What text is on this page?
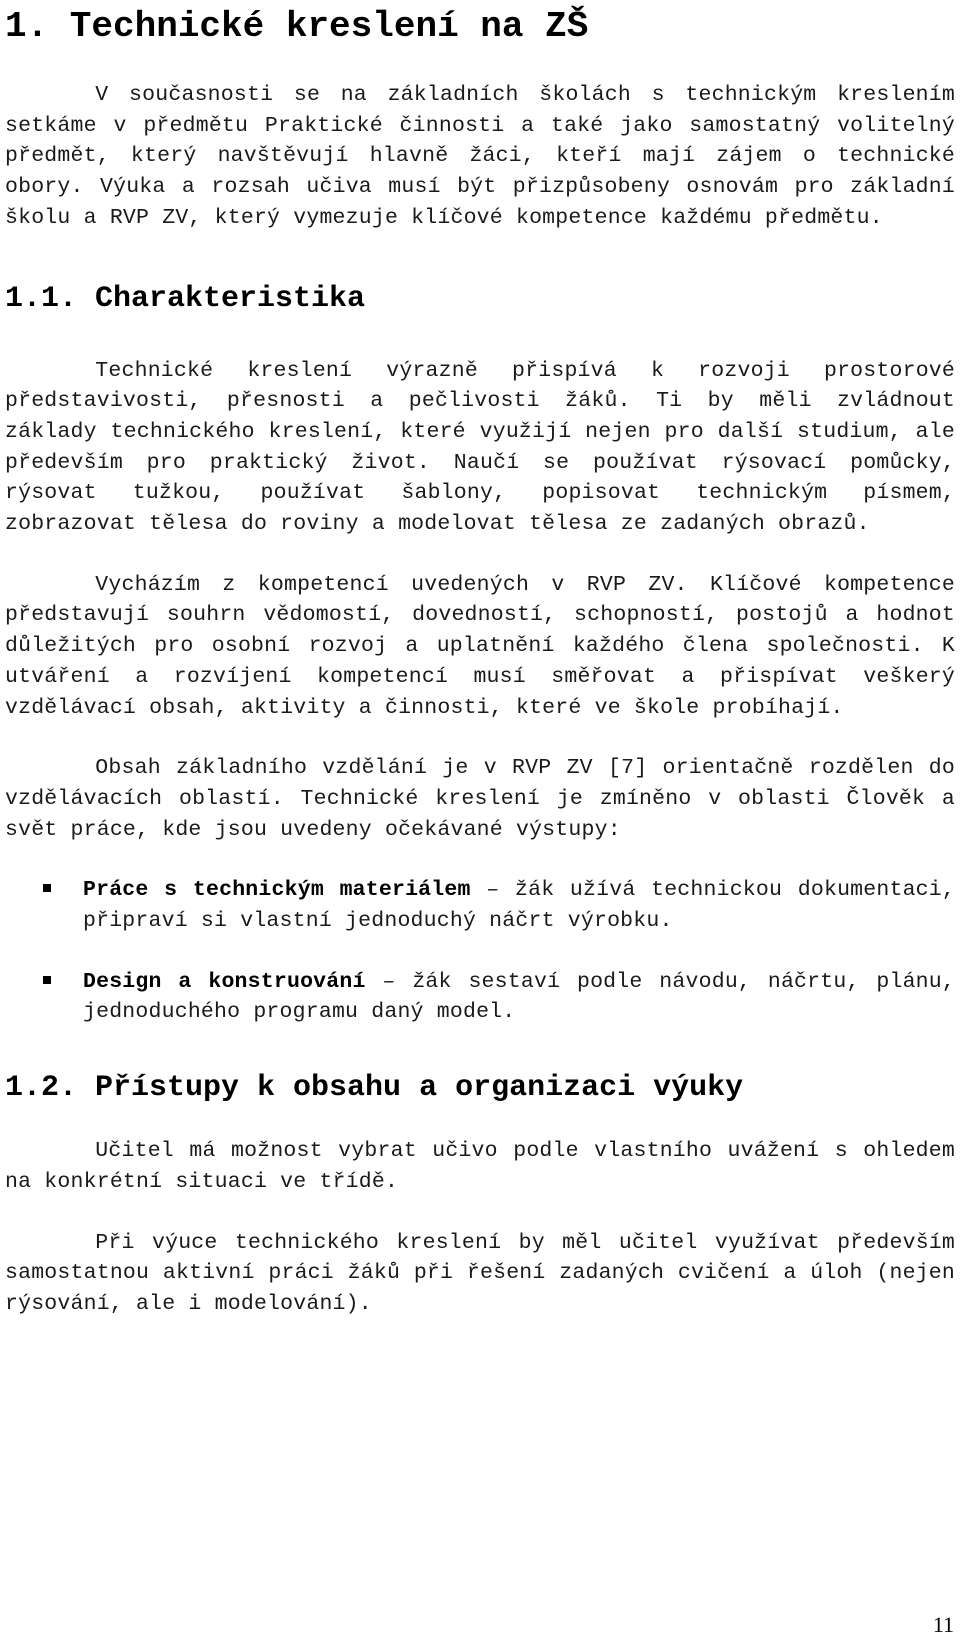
1. Technické kreslení na ZŠ

V současnosti se na základních školách s technickým kreslením setkáme v předmětu Praktické činnosti a také jako samostatný volitelný předmět, který navštěvují hlavně žáci, kteří mají zájem o technické obory. Výuka a rozsah učiva musí být přizpůsobeny osnovám pro základní školu a RVP ZV, který vymezuje klíčové kompetence každému předmětu.

1.1. Charakteristika

Technické kreslení výrazně přispívá k rozvoji prostorové představivosti, přesnosti a pečlivosti žáků. Ti by měli zvládnout základy technického kreslení, které využijí nejen pro další studium, ale především pro praktický život. Naučí se používat rýsovací pomůcky, rýsovat tužkou, používat šablony, popisovat technickým písmem, zobrazovat tělesa do roviny a modelovat tělesa ze zadaných obrazů.

Vycházím z kompetencí uvedených v RVP ZV. Klíčové kompetence představují souhrn vědomostí, dovedností, schopností, postojů a hodnot důležitých pro osobní rozvoj a uplatnění každého člena společnosti. K utváření a rozvíjení kompetencí musí směřovat a přispívat veškerý vzdělávací obsah, aktivity a činnosti, které ve škole probíhají.

Obsah základního vzdělání je v RVP ZV [7] orientačně rozdělen do vzdělávacích oblastí. Technické kreslení je zmíněno v oblasti Člověk a svět práce, kde jsou uvedeny očekávané výstupy:

Práce s technickým materiálem – žák užívá technickou dokumentaci, připraví si vlastní jednoduchý náčrt výrobku.
Design a konstruování – žák sestaví podle návodu, náčrtu, plánu, jednoduchého programu daný model.
1.2. Přístupy k obsahu a organizaci výuky

Učitel má možnost vybrat učivo podle vlastního uvážení s ohledem na konkrétní situaci ve třídě.

Při výuce technického kreslení by měl učitel využívat především samostatnou aktivní práci žáků při řešení zadaných cvičení a úloh (nejen rýsování, ale i modelování).

11
